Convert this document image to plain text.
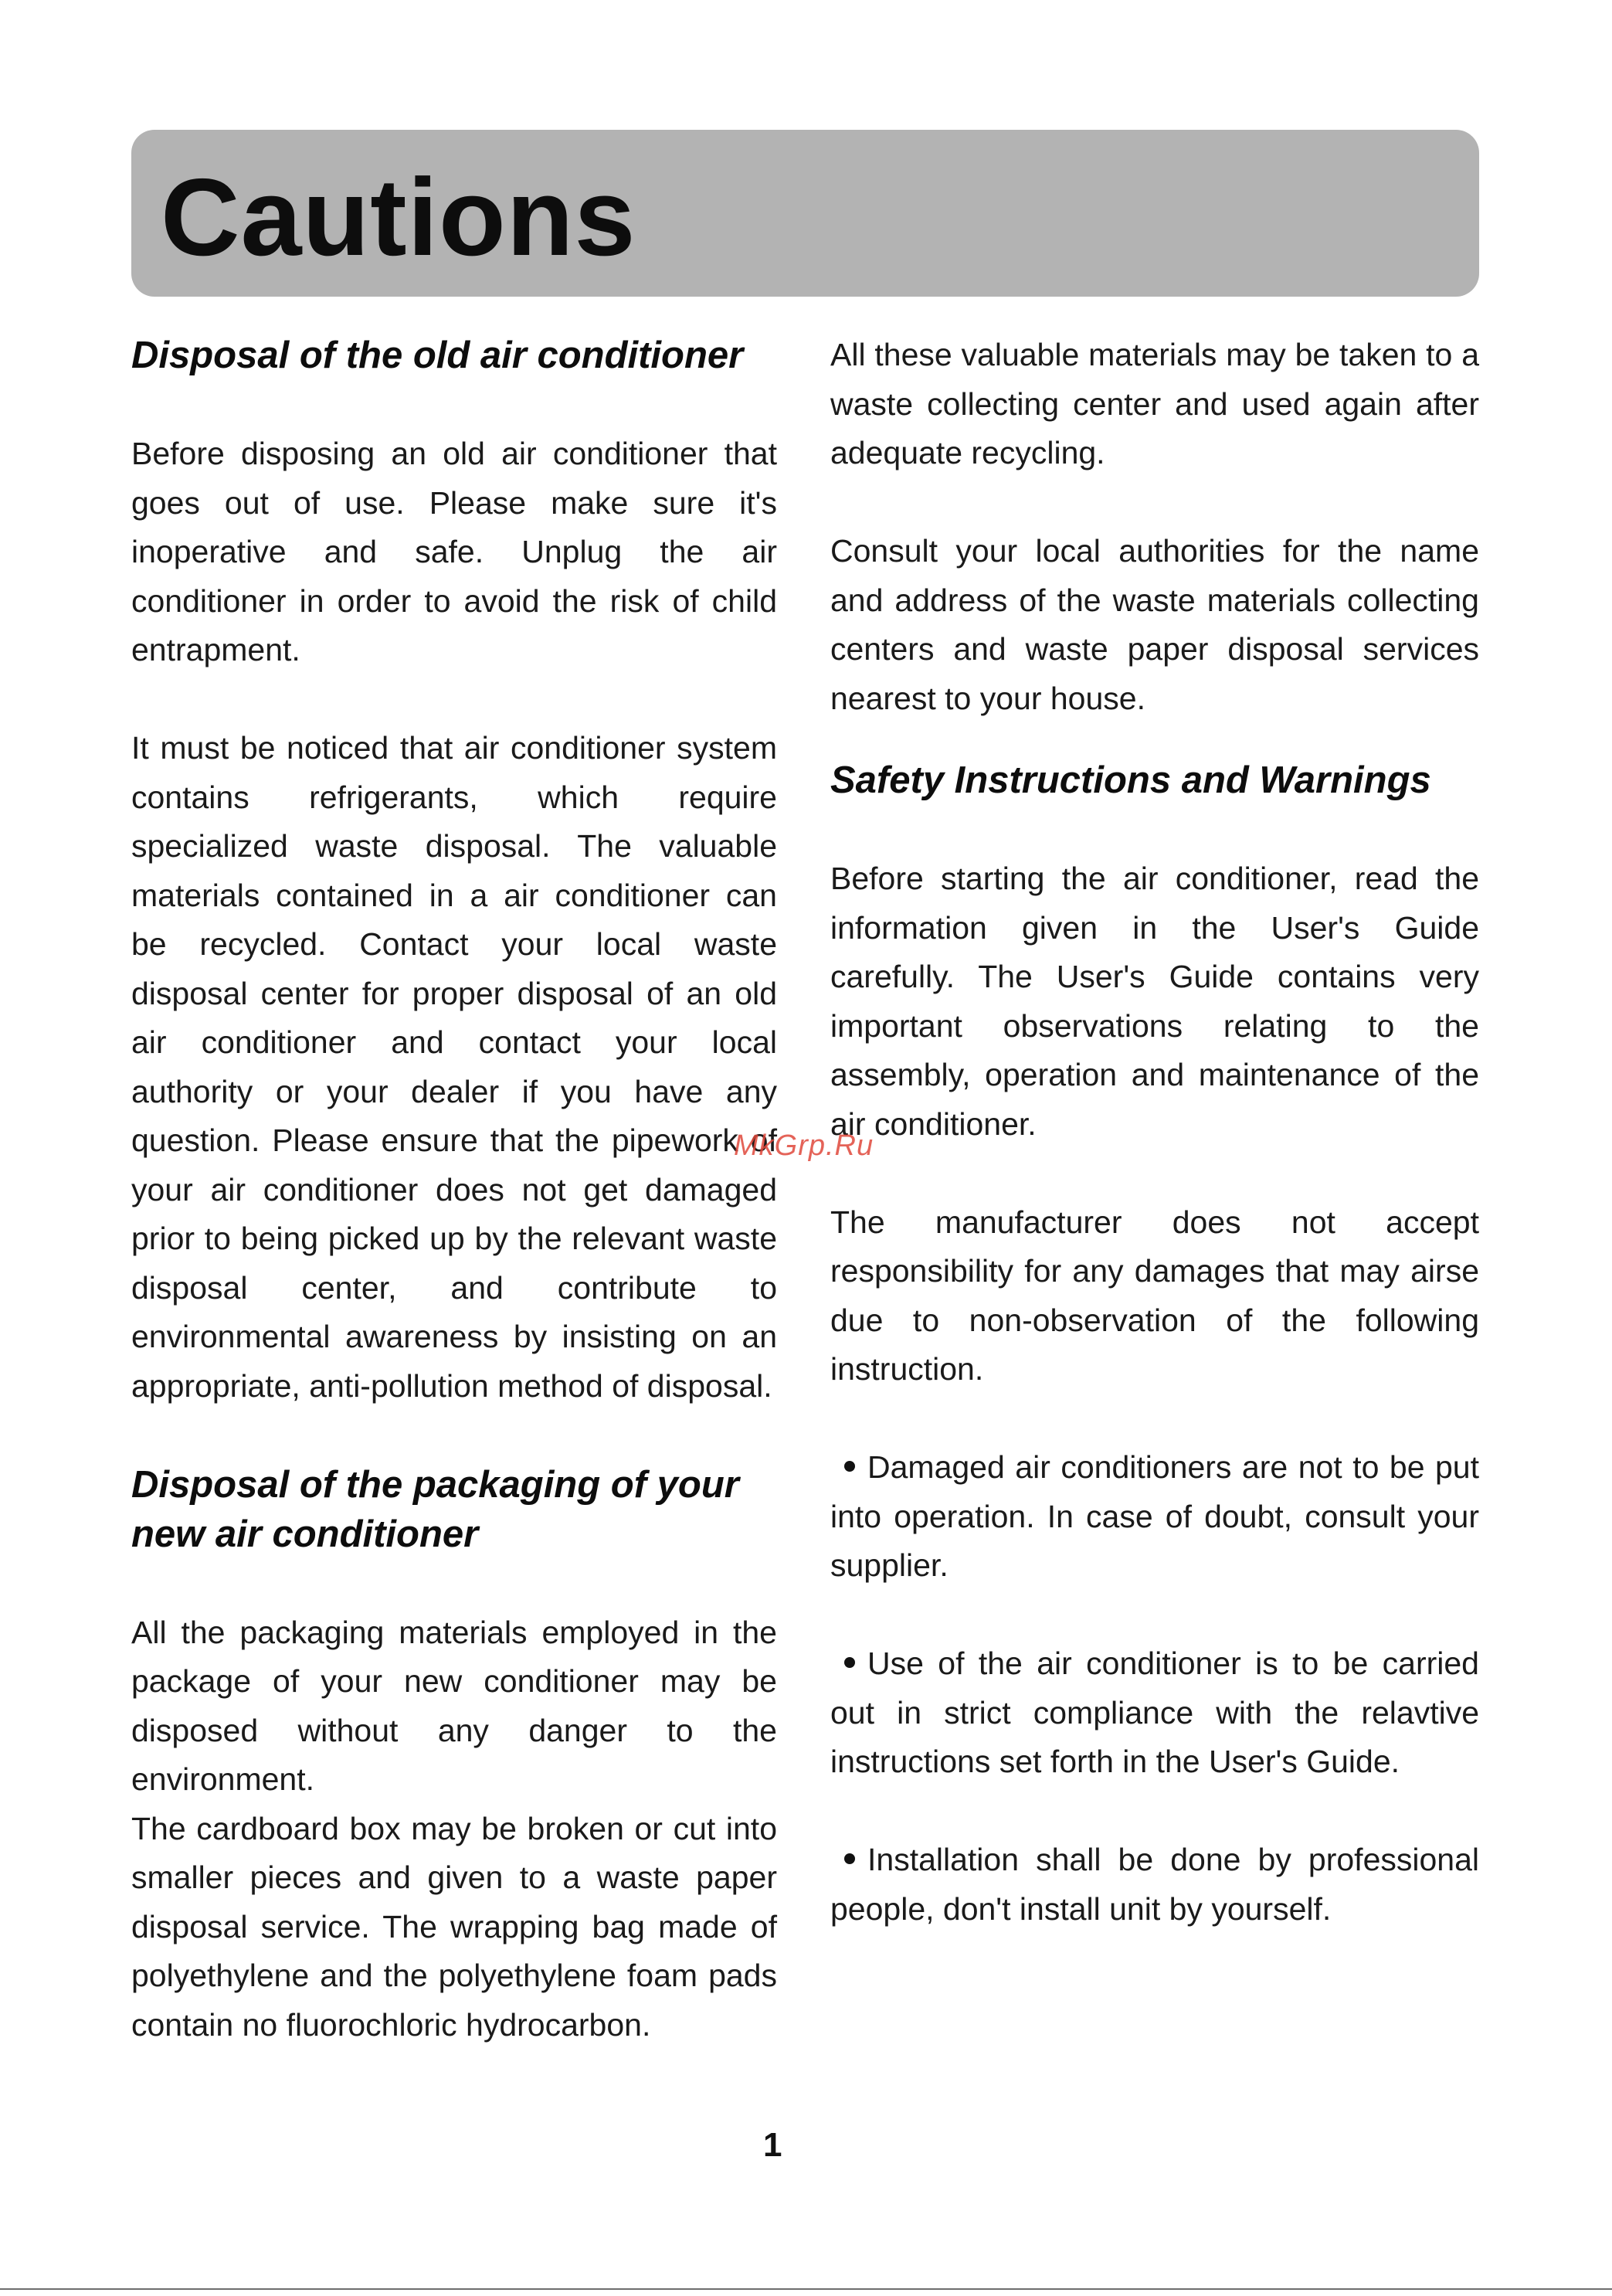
Cautions
Disposal of the old air conditioner

Before disposing an old air conditioner that goes out of use. Please make sure it's inoperative and safe. Unplug the air conditioner in order to avoid the risk of child entrapment.

It must be noticed that air conditioner system contains refrigerants, which require specialized waste disposal. The valuable materials contained in a air conditioner can be recycled. Contact your local waste disposal center for proper disposal of an old air conditioner and contact your local authority or your dealer if you have any question. Please ensure that the pipework of your air conditioner does not get damaged prior to being picked up by the relevant waste disposal center, and contribute to environmental awareness by insisting on an appropriate, anti-pollution method of disposal.

Disposal of the packaging of your new air conditioner

All the packaging materials employed in the package of your new conditioner may be disposed without any danger to the environment.

The cardboard box may be broken or cut into smaller pieces and given to a waste paper disposal service. The wrapping bag made of polyethylene and the polyethylene foam pads contain no fluorochloric hydrocarbon.

All these valuable materials may be taken to a waste collecting center and used again after adequate recycling.

Consult your local authorities for the name and address of the waste materials collecting centers and waste paper disposal services nearest to your house.

Safety Instructions and Warnings

Before starting the air conditioner, read the information given in the User's Guide carefully. The User's Guide contains very important observations relating to the assembly, operation and maintenance of the air conditioner.

The manufacturer does not accept responsibility for any damages that may airse due to non-observation of the following instruction.

Damaged air conditioners are not to be put into operation. In case of doubt, consult your supplier.

Use of the air conditioner is to be carried out in strict compliance with the relavtive instructions set forth in the User's Guide.

Installation shall be done by professional people, don't install unit by yourself.

MkGrp.Ru
1
